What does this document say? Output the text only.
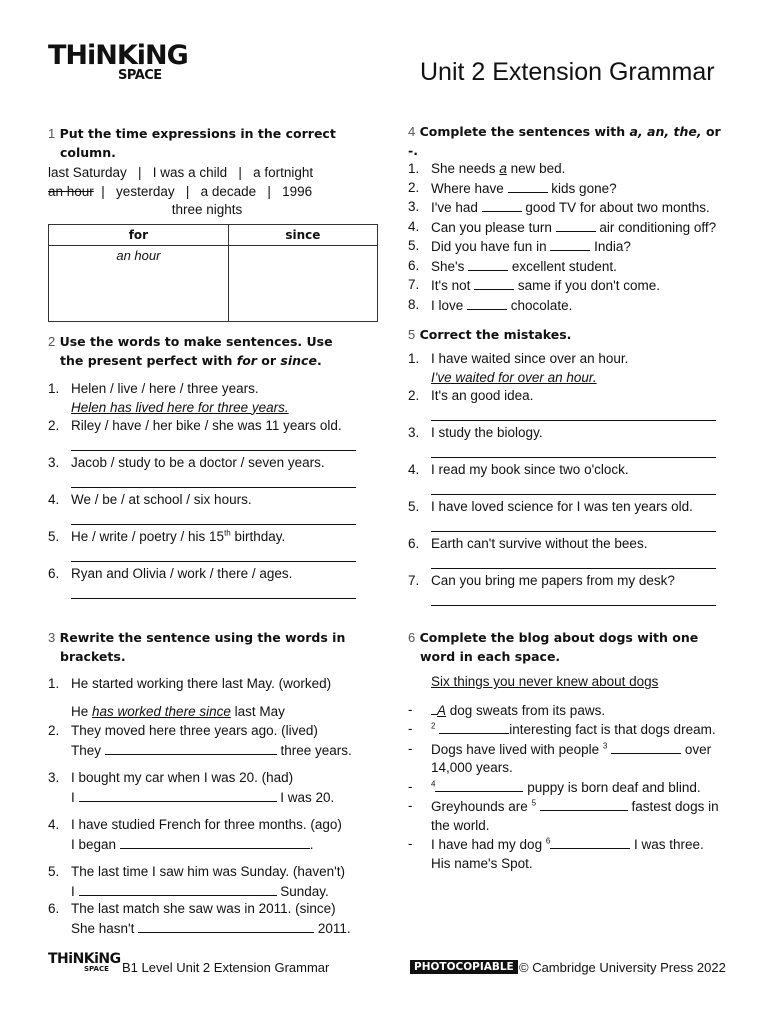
THiNKiNG
SPACE	Unit 2 Extension Grammar
1 Put the time expressions in the correct column.
last Saturday   |   I was a child   |   a fortnight
an hour  |   yesterday   |   a decade   |   1996
three nights
for	since
an hour	
2 Use the words to make sentences. Use the present perfect with for or since.
1. Helen / live / here / three years.
Helen has lived here for three years.
2. Riley / have / her bike / she was 11 years old.
3. Jacob / study to be a doctor / seven years.
4. We / be / at school / six hours.
5. He / write / poetry / his 15th birthday.
6. Ryan and Olivia / work / there / ages.
3 Rewrite the sentence using the words in brackets.
1. He started working there last May. (worked)
He has worked there since last May
2. They moved here three years ago. (lived)
They	three years.
3. I bought my car when I was 20. (had)
I	I was 20.
4. I have studied French for three months. (ago)
I began	.
5. The last time I saw him was Sunday. (haven't)
I	Sunday.
6. The last match she saw was in 2011. (since)
She hasn't	2011.
4 Complete the sentences with a, an, the, or -.
1. She needs a new bed.
2. Where have	kids gone?
3. I've had	good TV for about two months.
4. Can you please turn	air conditioning off?
5. Did you have fun in	India?
6. She's	excellent student.
7. It's not	same if you don't come.
8. I love	chocolate.
5 Correct the mistakes.
1. I have waited since over an hour.
I've waited for over an hour.
2. It's an good idea.
3. I study the biology.
4. I read my book since two o'clock.
5. I have loved science for I was ten years old.
6. Earth can't survive without the bees.
7. Can you bring me papers from my desk?
6 Complete the blog about dogs with one word in each space.
Six things you never knew about dogs
- A dog sweats from its paws.
- $^2$	interesting fact is that dogs dream.
- Dogs have lived with people $^3$	over 14,000 years.
- $^4$	puppy is born deaf and blind.
- Greyhounds are $^5$	fastest dogs in the world.
- I have had my dog $^6$	I was three. His name's Spot.
THiNKiNG
SPACE	B1 Level Unit 2 Extension Grammar	PHOTOCOPIABLE © Cambridge University Press 2022
